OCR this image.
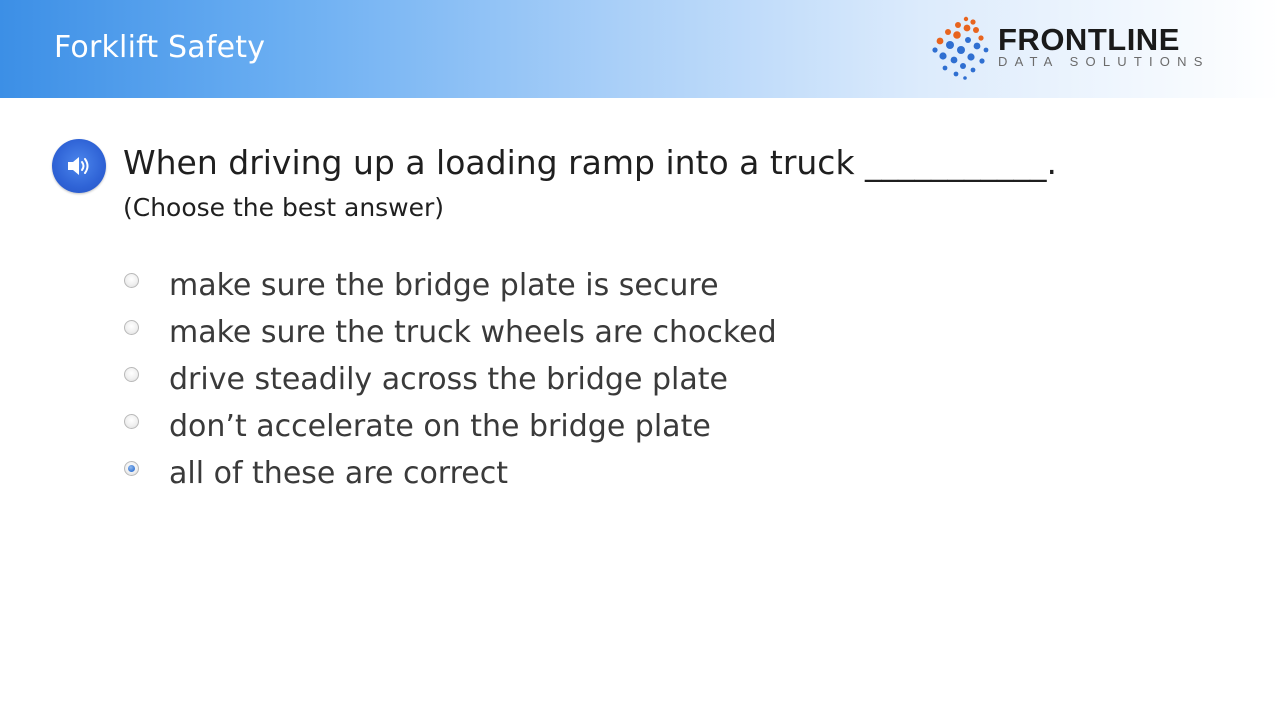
Forklift Safety	FRONTLINE
DATA SOLUTIONS
When driving up a loading ramp into a truck ___________.
(Choose the best answer)
make sure the bridge plate is secure
make sure the truck wheels are chocked
drive steadily across the bridge plate
don’t accelerate on the bridge plate
all of these are correct
